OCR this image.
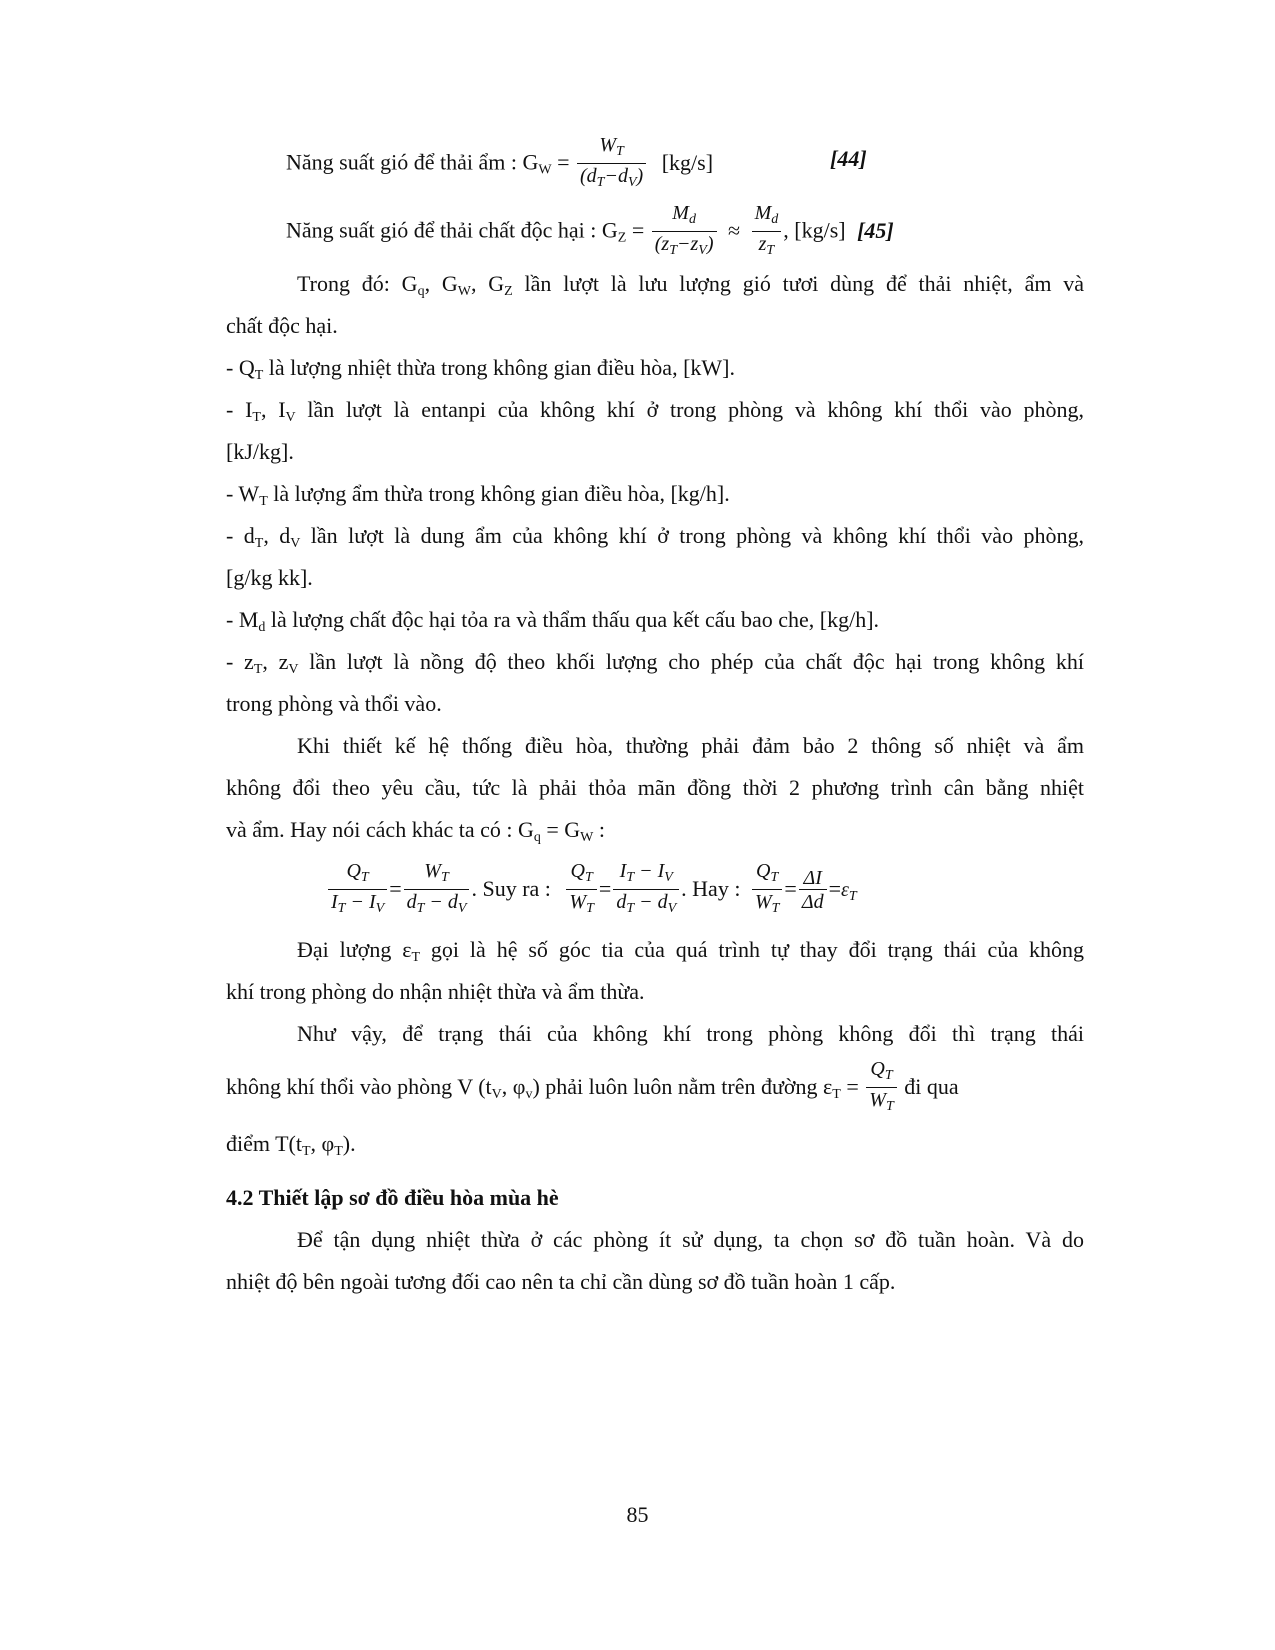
Năng suất gió để thải ẩm : $G_W = \frac{W_T}{(d_T-d_V)} [kg/s]$	[44]
Năng suất gió để thải chất độc hại : $G_Z = \frac{M_d}{(z_T-z_V)} \approx \frac{M_d}{z_T}$ , [kg/s] [45]
Trong đó: $G_q$, $G_W$, $G_Z$ lần lượt là lưu lượng gió tươi dùng để thải nhiệt, ẩm và
chất độc hại.
- $Q_T$ là lượng nhiệt thừa trong không gian điều hòa, [kW].
- $I_T$, $I_V$ lần lượt là entanpi của không khí ở trong phòng và không khí thổi vào phòng,
[kJ/kg].
- $W_T$ là lượng ẩm thừa trong không gian điều hòa, [kg/h].
- $d_T$, $d_V$ lần lượt là dung ẩm của không khí ở trong phòng và không khí thổi vào phòng,
[g/kg kk].
- $M_d$ là lượng chất độc hại tỏa ra và thẩm thấu qua kết cấu bao che, [kg/h].
- $z_T$, $z_V$ lần lượt là nồng độ theo khối lượng cho phép của chất độc hại trong không khí
trong phòng và thổi vào.
Khi thiết kế hệ thống điều hòa, thường phải đảm bảo 2 thông số nhiệt và ẩm
không đổi theo yêu cầu, tức là phải thỏa mãn đồng thời 2 phương trình cân bằng nhiệt
và ẩm. Hay nói cách khác ta có : $G_q = G_W$ :
$\frac{Q_T}{I_T - I_V} = \frac{W_T}{d_T - d_V}$ . Suy ra : $\frac{Q_T}{W_T} = \frac{I_T - I_V}{d_T - d_V}$ . Hay : $\frac{Q_T}{W_T} = \frac{\Delta I}{\Delta d} =\varepsilon_T$
Đại lượng $\varepsilon_T$ gọi là hệ số góc tia của quá trình tự thay đổi trạng thái của không
khí trong phòng do nhận nhiệt thừa và ẩm thừa.
Như vậy, để trạng thái của không khí trong phòng không đổi thì trạng thái
không khí thổi vào phòng V ($t_V$, $\varphi_v$) phải luôn luôn nằm trên đường $\varepsilon_T = \frac{Q_T}{W_T}$ đi qua
điểm $T(t_T$, $\varphi_T$).
4.2 Thiết lập sơ đồ điều hòa mùa hè
Để tận dụng nhiệt thừa ở các phòng ít sử dụng, ta chọn sơ đồ tuần hoàn. Và do
nhiệt độ bên ngoài tương đối cao nên ta chỉ cần dùng sơ đồ tuần hoàn 1 cấp.
85
